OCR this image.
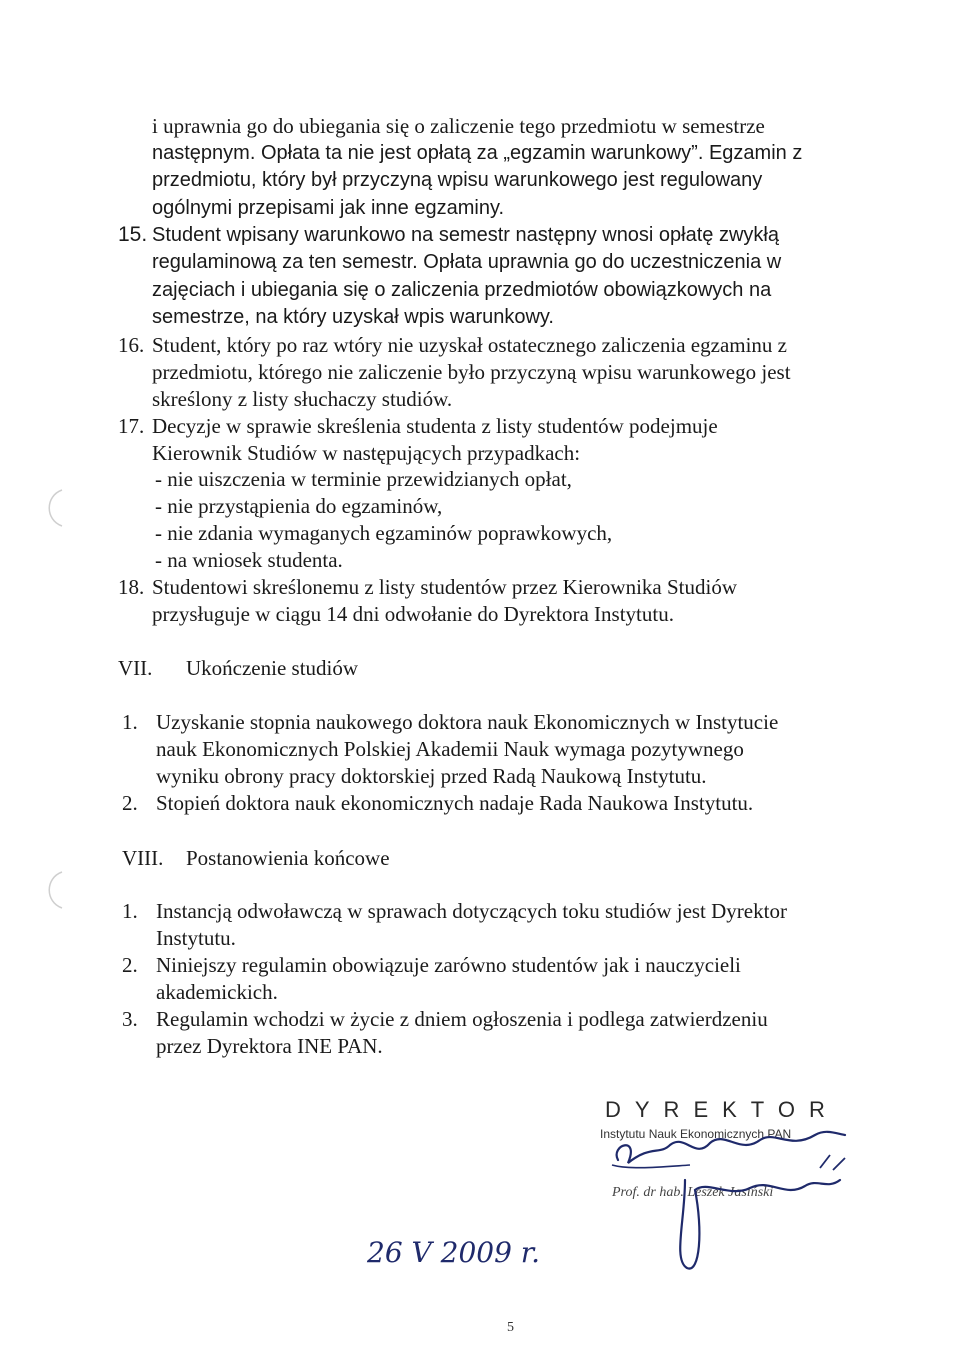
i uprawnia go do ubiegania się o zaliczenie tego przedmiotu w semestrze
następnym. Opłata ta nie jest opłatą za „egzamin warunkowy”. Egzamin z
przedmiotu, który był przyczyną wpisu warunkowego jest regulowany
ogólnymi przepisami jak inne egzaminy.
15. Student wpisany warunkowo na semestr następny wnosi opłatę zwykłą
regulaminową za ten semestr. Opłata uprawnia go do uczestniczenia w
zajęciach i ubiegania się o zaliczenia przedmiotów obowiązkowych na
semestrze, na który uzyskał wpis warunkowy.
16. Student, który po raz wtóry nie uzyskał ostatecznego zaliczenia egzaminu z
przedmiotu, którego nie zaliczenie było przyczyną wpisu warunkowego jest
skreślony z listy słuchaczy studiów.
17. Decyzje w sprawie skreślenia studenta z listy studentów podejmuje
Kierownik Studiów w następujących przypadkach:
- nie uiszczenia w terminie przewidzianych opłat,
- nie przystąpienia do egzaminów,
- nie zdania wymaganych egzaminów poprawkowych,
- na wniosek studenta.
18. Studentowi skreślonemu z listy studentów przez Kierownika Studiów
przysługuje w ciągu 14 dni odwołanie do Dyrektora Instytutu.
VII. Ukończenie studiów
1. Uzyskanie stopnia naukowego doktora nauk Ekonomicznych w Instytucie
nauk Ekonomicznych Polskiej Akademii Nauk wymaga pozytywnego
wyniku obrony pracy doktorskiej przed Radą Naukową Instytutu.
2. Stopień doktora nauk ekonomicznych nadaje Rada Naukowa Instytutu.
VIII. Postanowienia końcowe
1. Instancją odwoławczą w sprawach dotyczących toku studiów jest Dyrektor
Instytutu.
2. Niniejszy regulamin obowiązuje zarówno studentów jak i nauczycieli
akademickich.
3. Regulamin wchodzi w życie z dniem ogłoszenia i podlega zatwierdzeniu
przez Dyrektora INE PAN.
DYREKTOR
Instytutu Nauk Ekonomicznych PAN
Prof. dr hab. Leszek Jasiński
26 V 2009 r.
5
